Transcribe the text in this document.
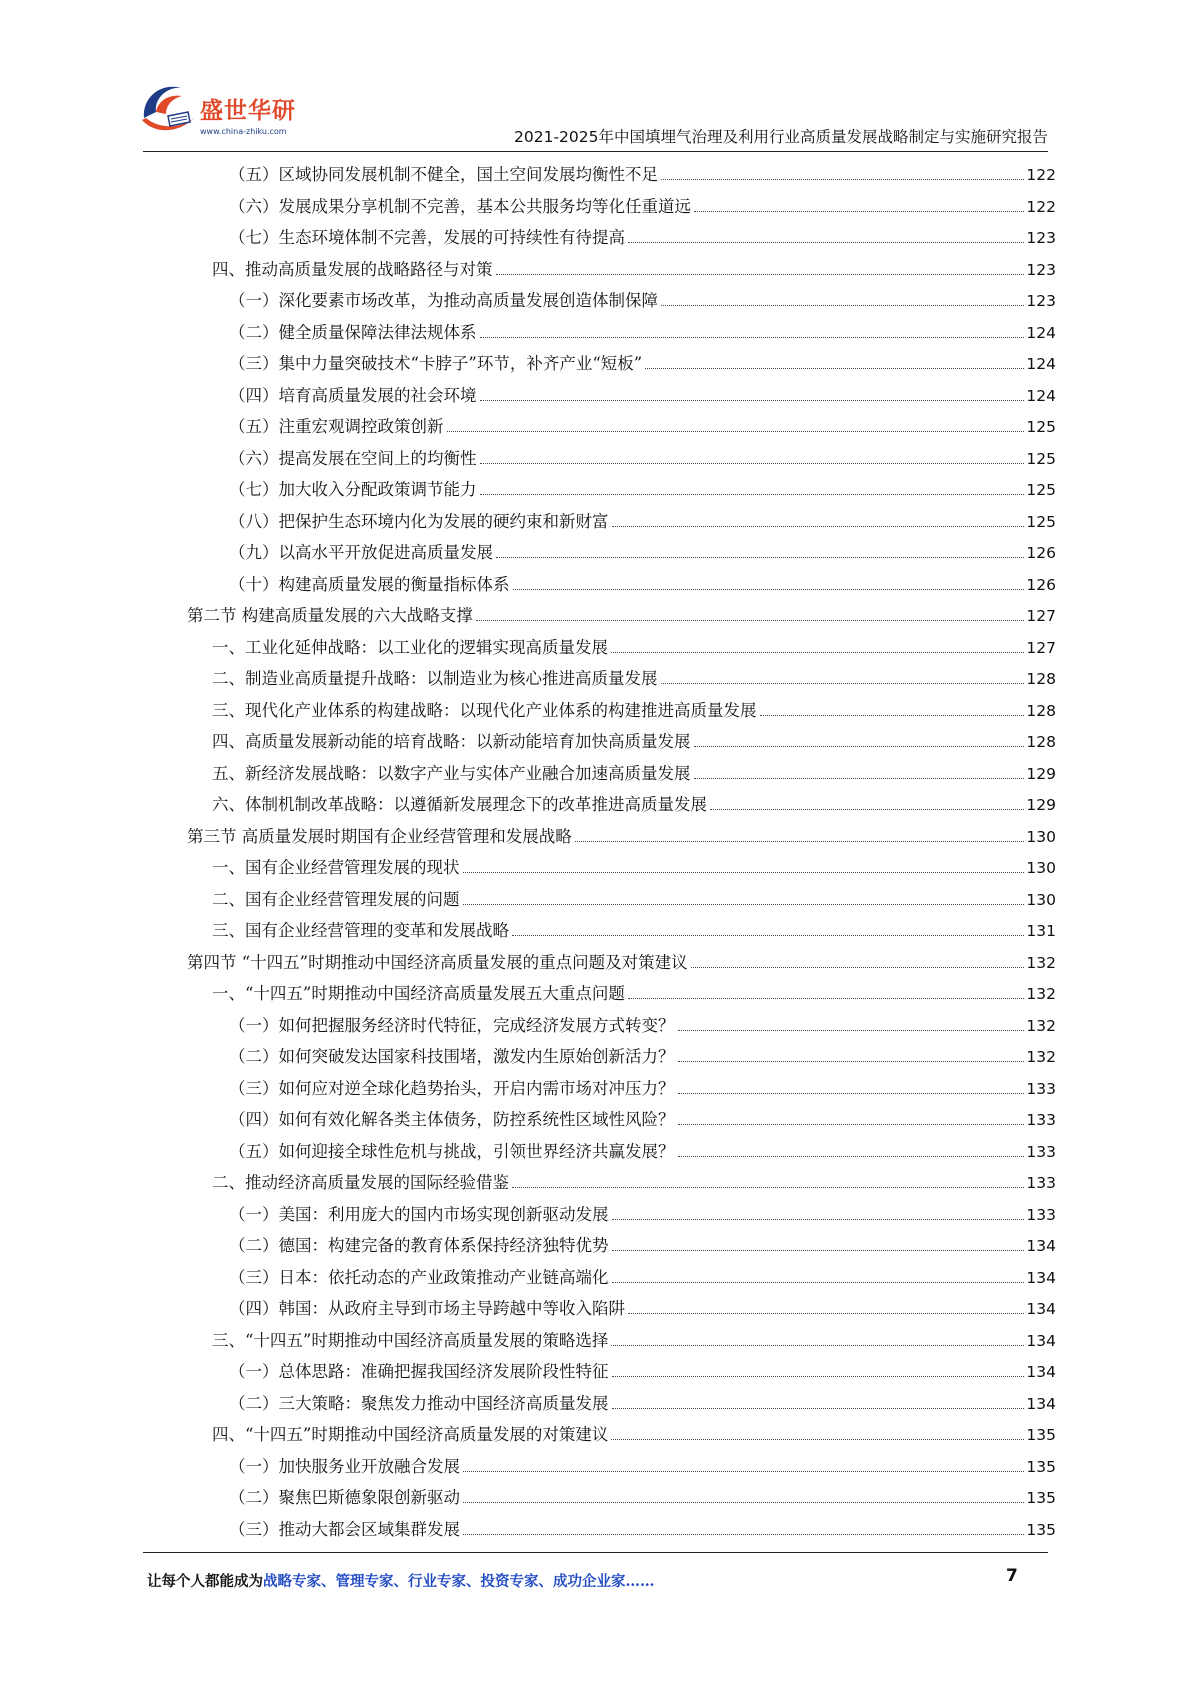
盛世华研
www.china-zhiku.com	2021-2025年中国填埋气治理及利用行业高质量发展战略制定与实施研究报告
（五）区域协同发展机制不健全，国土空间发展均衡性不足	122
（六）发展成果分享机制不完善，基本公共服务均等化任重道远	122
（七）生态环境体制不完善，发展的可持续性有待提高	123
四、推动高质量发展的战略路径与对策	123
（一）深化要素市场改革，为推动高质量发展创造体制保障	123
（二）健全质量保障法律法规体系	124
（三）集中力量突破技术“卡脖子”环节，补齐产业“短板”	124
（四）培育高质量发展的社会环境	124
（五）注重宏观调控政策创新	125
（六）提高发展在空间上的均衡性	125
（七）加大收入分配政策调节能力	125
（八）把保护生态环境内化为发展的硬约束和新财富	125
（九）以高水平开放促进高质量发展	126
（十）构建高质量发展的衡量指标体系	126
第二节 构建高质量发展的六大战略支撑	127
一、工业化延伸战略：以工业化的逻辑实现高质量发展	127
二、制造业高质量提升战略：以制造业为核心推进高质量发展	128
三、现代化产业体系的构建战略：以现代化产业体系的构建推进高质量发展	128
四、高质量发展新动能的培育战略：以新动能培育加快高质量发展	128
五、新经济发展战略：以数字产业与实体产业融合加速高质量发展	129
六、体制机制改革战略：以遵循新发展理念下的改革推进高质量发展	129
第三节 高质量发展时期国有企业经营管理和发展战略	130
一、国有企业经营管理发展的现状	130
二、国有企业经营管理发展的问题	130
三、国有企业经营管理的变革和发展战略	131
第四节 “十四五”时期推动中国经济高质量发展的重点问题及对策建议	132
一、“十四五”时期推动中国经济高质量发展五大重点问题	132
（一）如何把握服务经济时代特征，完成经济发展方式转变？	132
（二）如何突破发达国家科技围堵，激发内生原始创新活力？	132
（三）如何应对逆全球化趋势抬头，开启内需市场对冲压力？	133
（四）如何有效化解各类主体债务，防控系统性区域性风险？	133
（五）如何迎接全球性危机与挑战，引领世界经济共赢发展？	133
二、推动经济高质量发展的国际经验借鉴	133
（一）美国：利用庞大的国内市场实现创新驱动发展	133
（二）德国：构建完备的教育体系保持经济独特优势	134
（三）日本：依托动态的产业政策推动产业链高端化	134
（四）韩国：从政府主导到市场主导跨越中等收入陷阱	134
三、“十四五”时期推动中国经济高质量发展的策略选择	134
（一）总体思路：准确把握我国经济发展阶段性特征	134
（二）三大策略：聚焦发力推动中国经济高质量发展	134
四、“十四五”时期推动中国经济高质量发展的对策建议	135
（一）加快服务业开放融合发展	135
（二）聚焦巴斯德象限创新驱动	135
（三）推动大都会区域集群发展	135
让每个人都能成为战略专家、管理专家、行业专家、投资专家、成功企业家……	7
